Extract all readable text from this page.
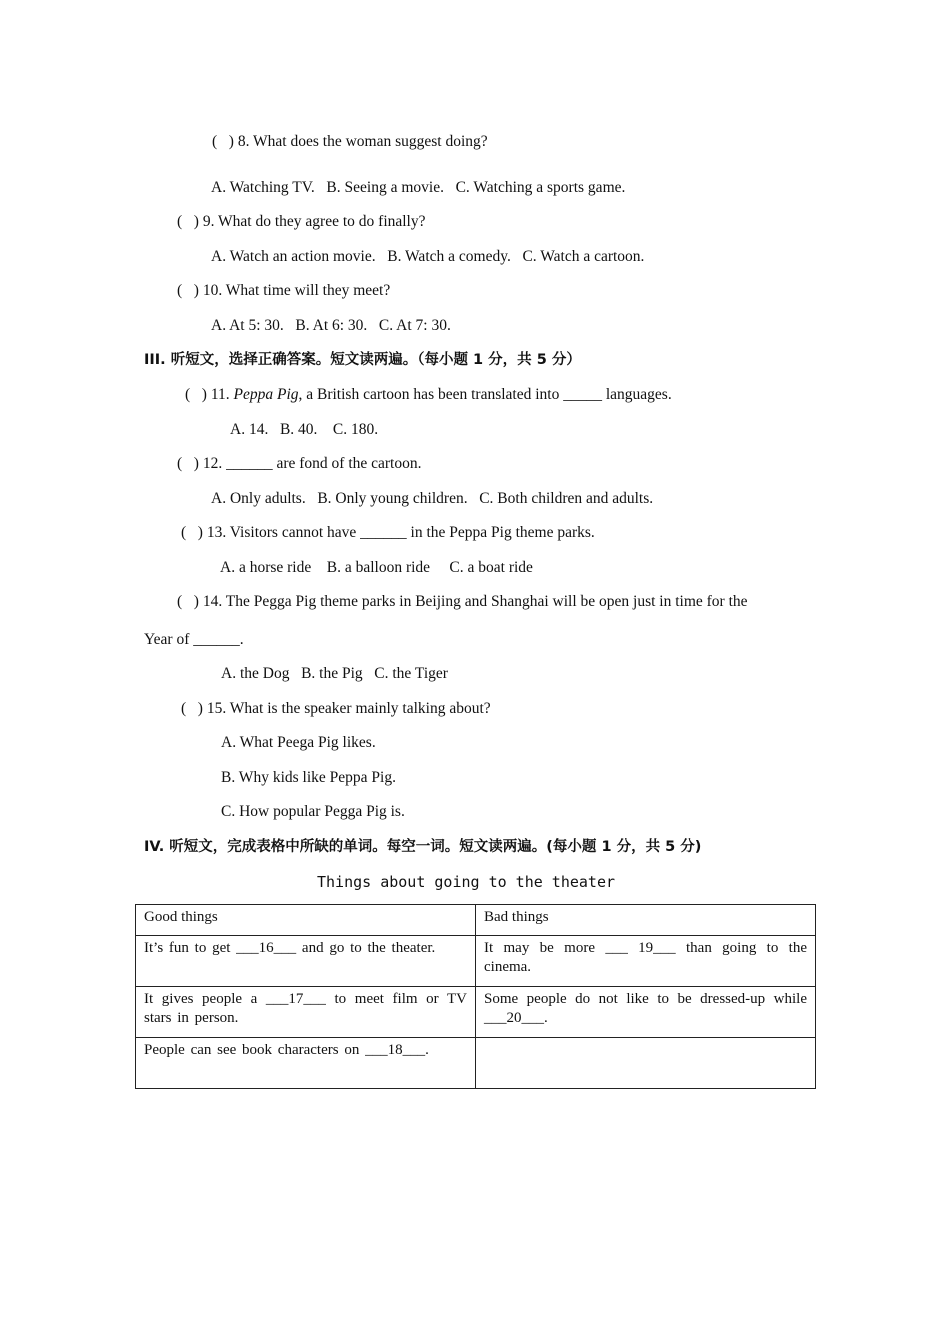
(   ) 8. What does the woman suggest doing?
A. Watching TV.   B. Seeing a movie.   C. Watching a sports game.
(   ) 9. What do they agree to do finally?
A. Watch an action movie.   B. Watch a comedy.   C. Watch a cartoon.
(   ) 10. What time will they meet?
A. At 5: 30.   B. At 6: 30.   C. At 7: 30.
III. 听短文，选择正确答案。短文读两遍。（每小题 1 分，共 5 分）
(   ) 11. Peppa Pig, a British cartoon has been translated into _____ languages.
A. 14.   B. 40.    C. 180.
(   ) 12. ______ are fond of the cartoon.
A. Only adults.   B. Only young children.   C. Both children and adults.
(   ) 13. Visitors cannot have ______ in the Peppa Pig theme parks.
A. a horse ride    B. a balloon ride     C. a boat ride
(   ) 14. The Pegga Pig theme parks in Beijing and Shanghai will be open just in time for the
Year of ______.
A. the Dog   B. the Pig   C. the Tiger
(   ) 15. What is the speaker mainly talking about?
A. What Peega Pig likes.
B. Why kids like Peppa Pig.
C. How popular Pegga Pig is.
IV. 听短文，完成表格中所缺的单词。每空一词。短文读两遍。(每小题 1 分，共 5 分)
Things about going to the theater
Good things	Bad things
It’s fun to get ___16___ and go to the theater.	It may be more ___ 19___ than going to the cinema.
It gives people a ___17___ to meet film or TV stars in person.	Some people do not like to be dressed-up while ___20___.
People can see book characters on ___18___.	
